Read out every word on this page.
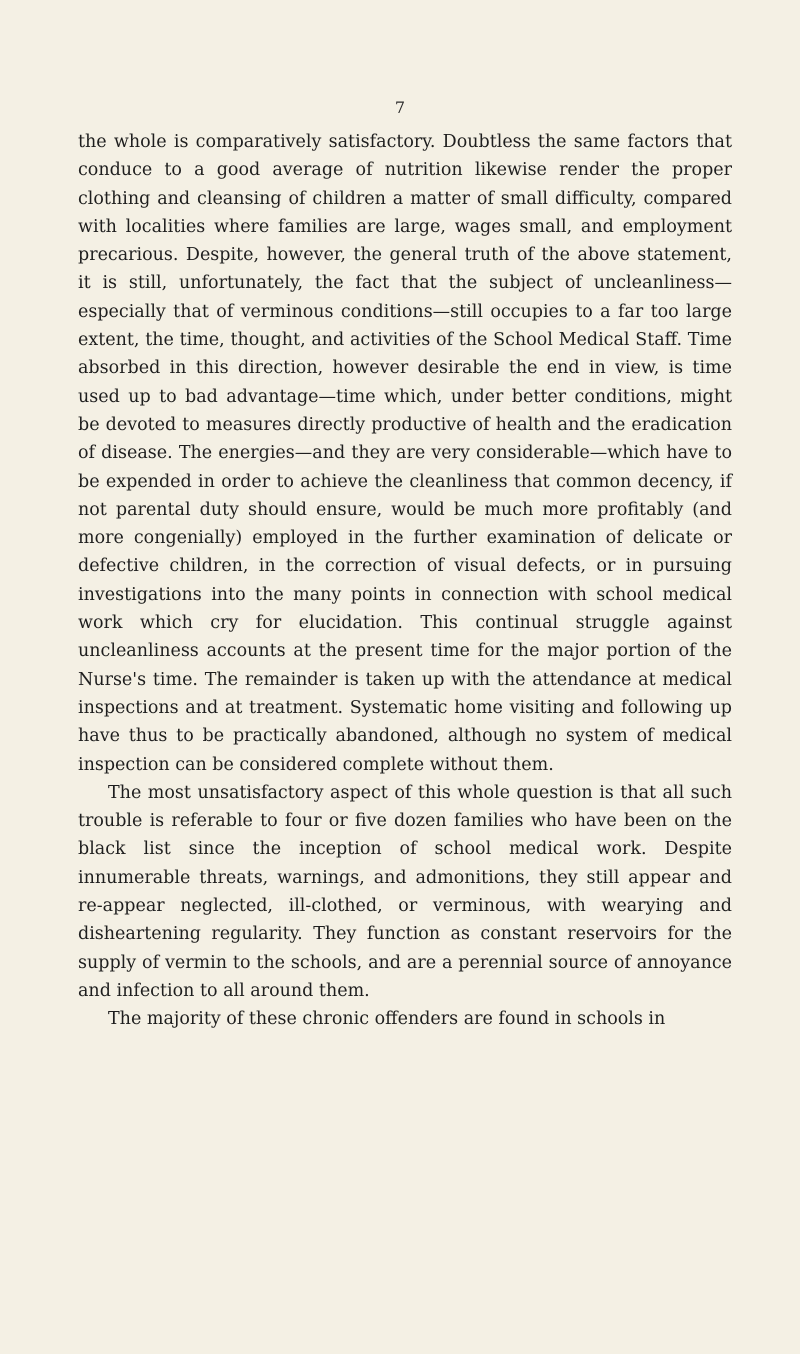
7

the whole is comparatively satisfactory. Doubtless the same factors that conduce to a good average of nutrition likewise render the proper clothing and cleansing of children a matter of small difficulty, compared with localities where families are large, wages small, and employment precarious. Despite, however, the general truth of the above statement, it is still, unfortunately, the fact that the subject of uncleanliness—especially that of verminous conditions—still occupies to a far too large extent, the time, thought, and activities of the School Medical Staff. Time absorbed in this direction, however desirable the end in view, is time used up to bad advantage—time which, under better conditions, might be devoted to measures directly productive of health and the eradication of disease. The energies—and they are very considerable—which have to be expended in order to achieve the cleanliness that common decency, if not parental duty should ensure, would be much more profitably (and more congenially) employed in the further examination of delicate or defective children, in the correction of visual defects, or in pursuing investigations into the many points in connection with school medical work which cry for elucidation. This continual struggle against uncleanliness accounts at the present time for the major portion of the Nurse's time. The remainder is taken up with the attendance at medical inspections and at treatment. Systematic home visiting and following up have thus to be practically abandoned, although no system of medical inspection can be considered complete without them.

The most unsatisfactory aspect of this whole question is that all such trouble is referable to four or five dozen families who have been on the black list since the inception of school medical work. Despite innumerable threats, warnings, and admonitions, they still appear and re-appear neglected, ill-clothed, or verminous, with wearying and disheartening regularity. They function as constant reservoirs for the supply of vermin to the schools, and are a perennial source of annoyance and infection to all around them.

The majority of these chronic offenders are found in schools in
